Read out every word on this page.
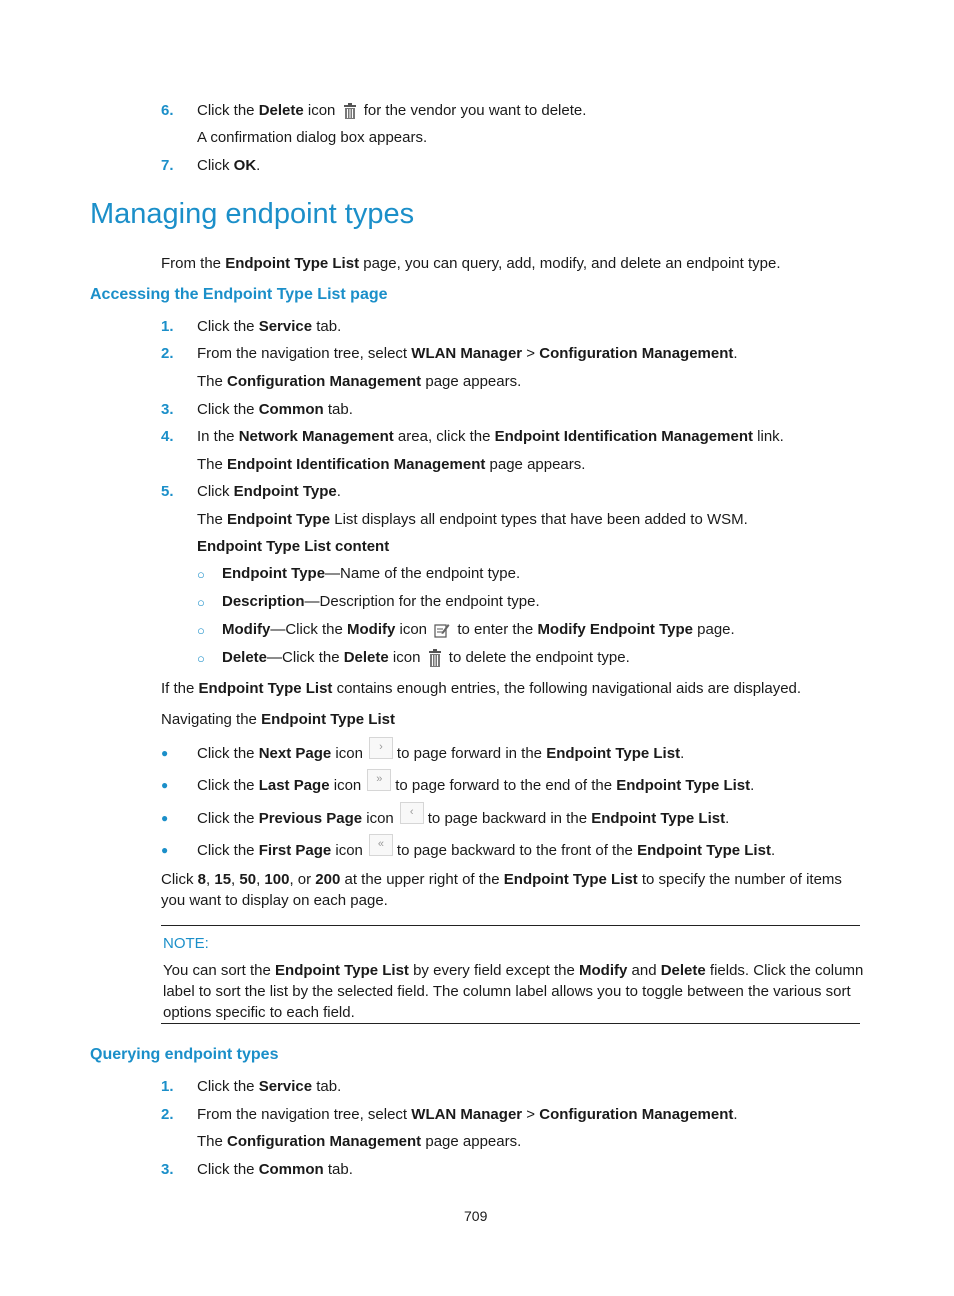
6. Click the Delete icon  for the vendor you want to delete.
A confirmation dialog box appears.
7. Click OK.
Managing endpoint types
From the Endpoint Type List page, you can query, add, modify, and delete an endpoint type.
Accessing the Endpoint Type List page
1. Click the Service tab.
2. From the navigation tree, select WLAN Manager > Configuration Management.
The Configuration Management page appears.
3. Click the Common tab.
4. In the Network Management area, click the Endpoint Identification Management link.
The Endpoint Identification Management page appears.
5. Click Endpoint Type.
The Endpoint Type List displays all endpoint types that have been added to WSM.
Endpoint Type List content
○ Endpoint Type—Name of the endpoint type.
○ Description—Description for the endpoint type.
○ Modify—Click the Modify icon  to enter the Modify Endpoint Type page.
○ Delete—Click the Delete icon  to delete the endpoint type.
If the Endpoint Type List contains enough entries, the following navigational aids are displayed.
Navigating the Endpoint Type List
● Click the Next Page icon › to page forward in the Endpoint Type List.
● Click the Last Page icon » to page forward to the end of the Endpoint Type List.
● Click the Previous Page icon ‹ to page backward in the Endpoint Type List.
● Click the First Page icon « to page backward to the front of the Endpoint Type List.
Click 8, 15, 50, 100, or 200 at the upper right of the Endpoint Type List to specify the number of items
you want to display on each page.
NOTE:
You can sort the Endpoint Type List by every field except the Modify and Delete fields. Click the column
label to sort the list by the selected field. The column label allows you to toggle between the various sort
options specific to each field.
Querying endpoint types
1. Click the Service tab.
2. From the navigation tree, select WLAN Manager > Configuration Management.
The Configuration Management page appears.
3. Click the Common tab.
709
